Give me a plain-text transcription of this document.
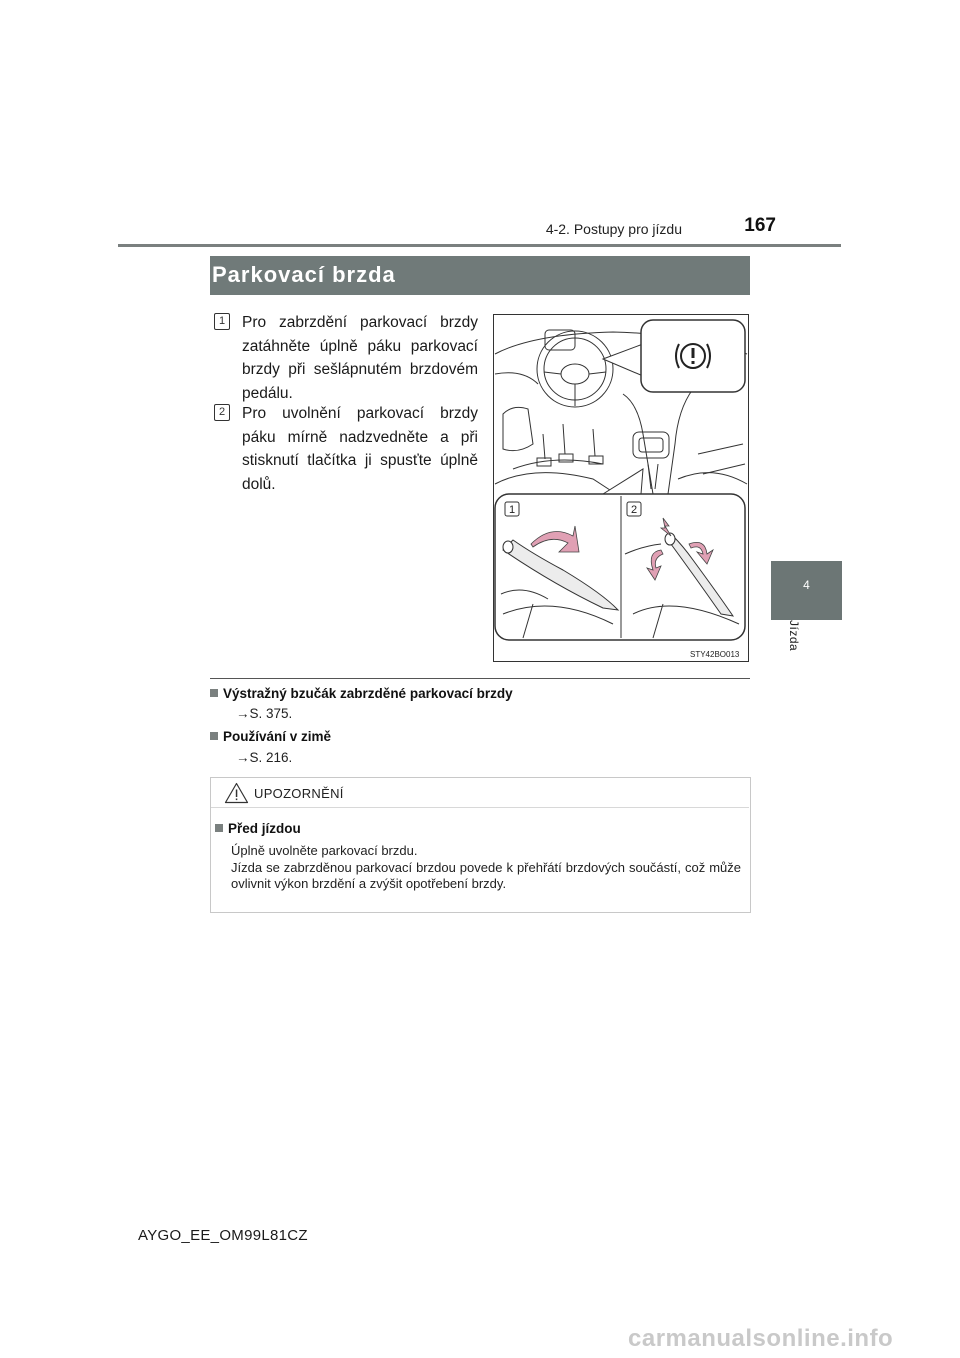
4-2. Postupy pro jízdu	167
4
Jízda
Parkovací brzda
1	Pro zabrzdění parkovací brzdy zatáhněte úplně páku parkovací brzdy při sešlápnutém brzdovém pedálu.
2	Pro uvolnění parkovací brzdy páku mírně nadzvedněte a při stisknutí tlačítka ji spusťte úplně dolů.
1	2
STY42BO013
Výstražný bzučák zabrzděné parkovací brzdy
→S. 375.
Používání v zimě
→S. 216.
UPOZORNĚNÍ
Před jízdou
Úplně uvolněte parkovací brzdu.
Jízda se zabrzděnou parkovací brzdou povede k přehřátí brzdových součástí, což může ovlivnit výkon brzdění a zvýšit opotřebení brzdy.
AYGO_EE_OM99L81CZ
carmanualsonline.info
